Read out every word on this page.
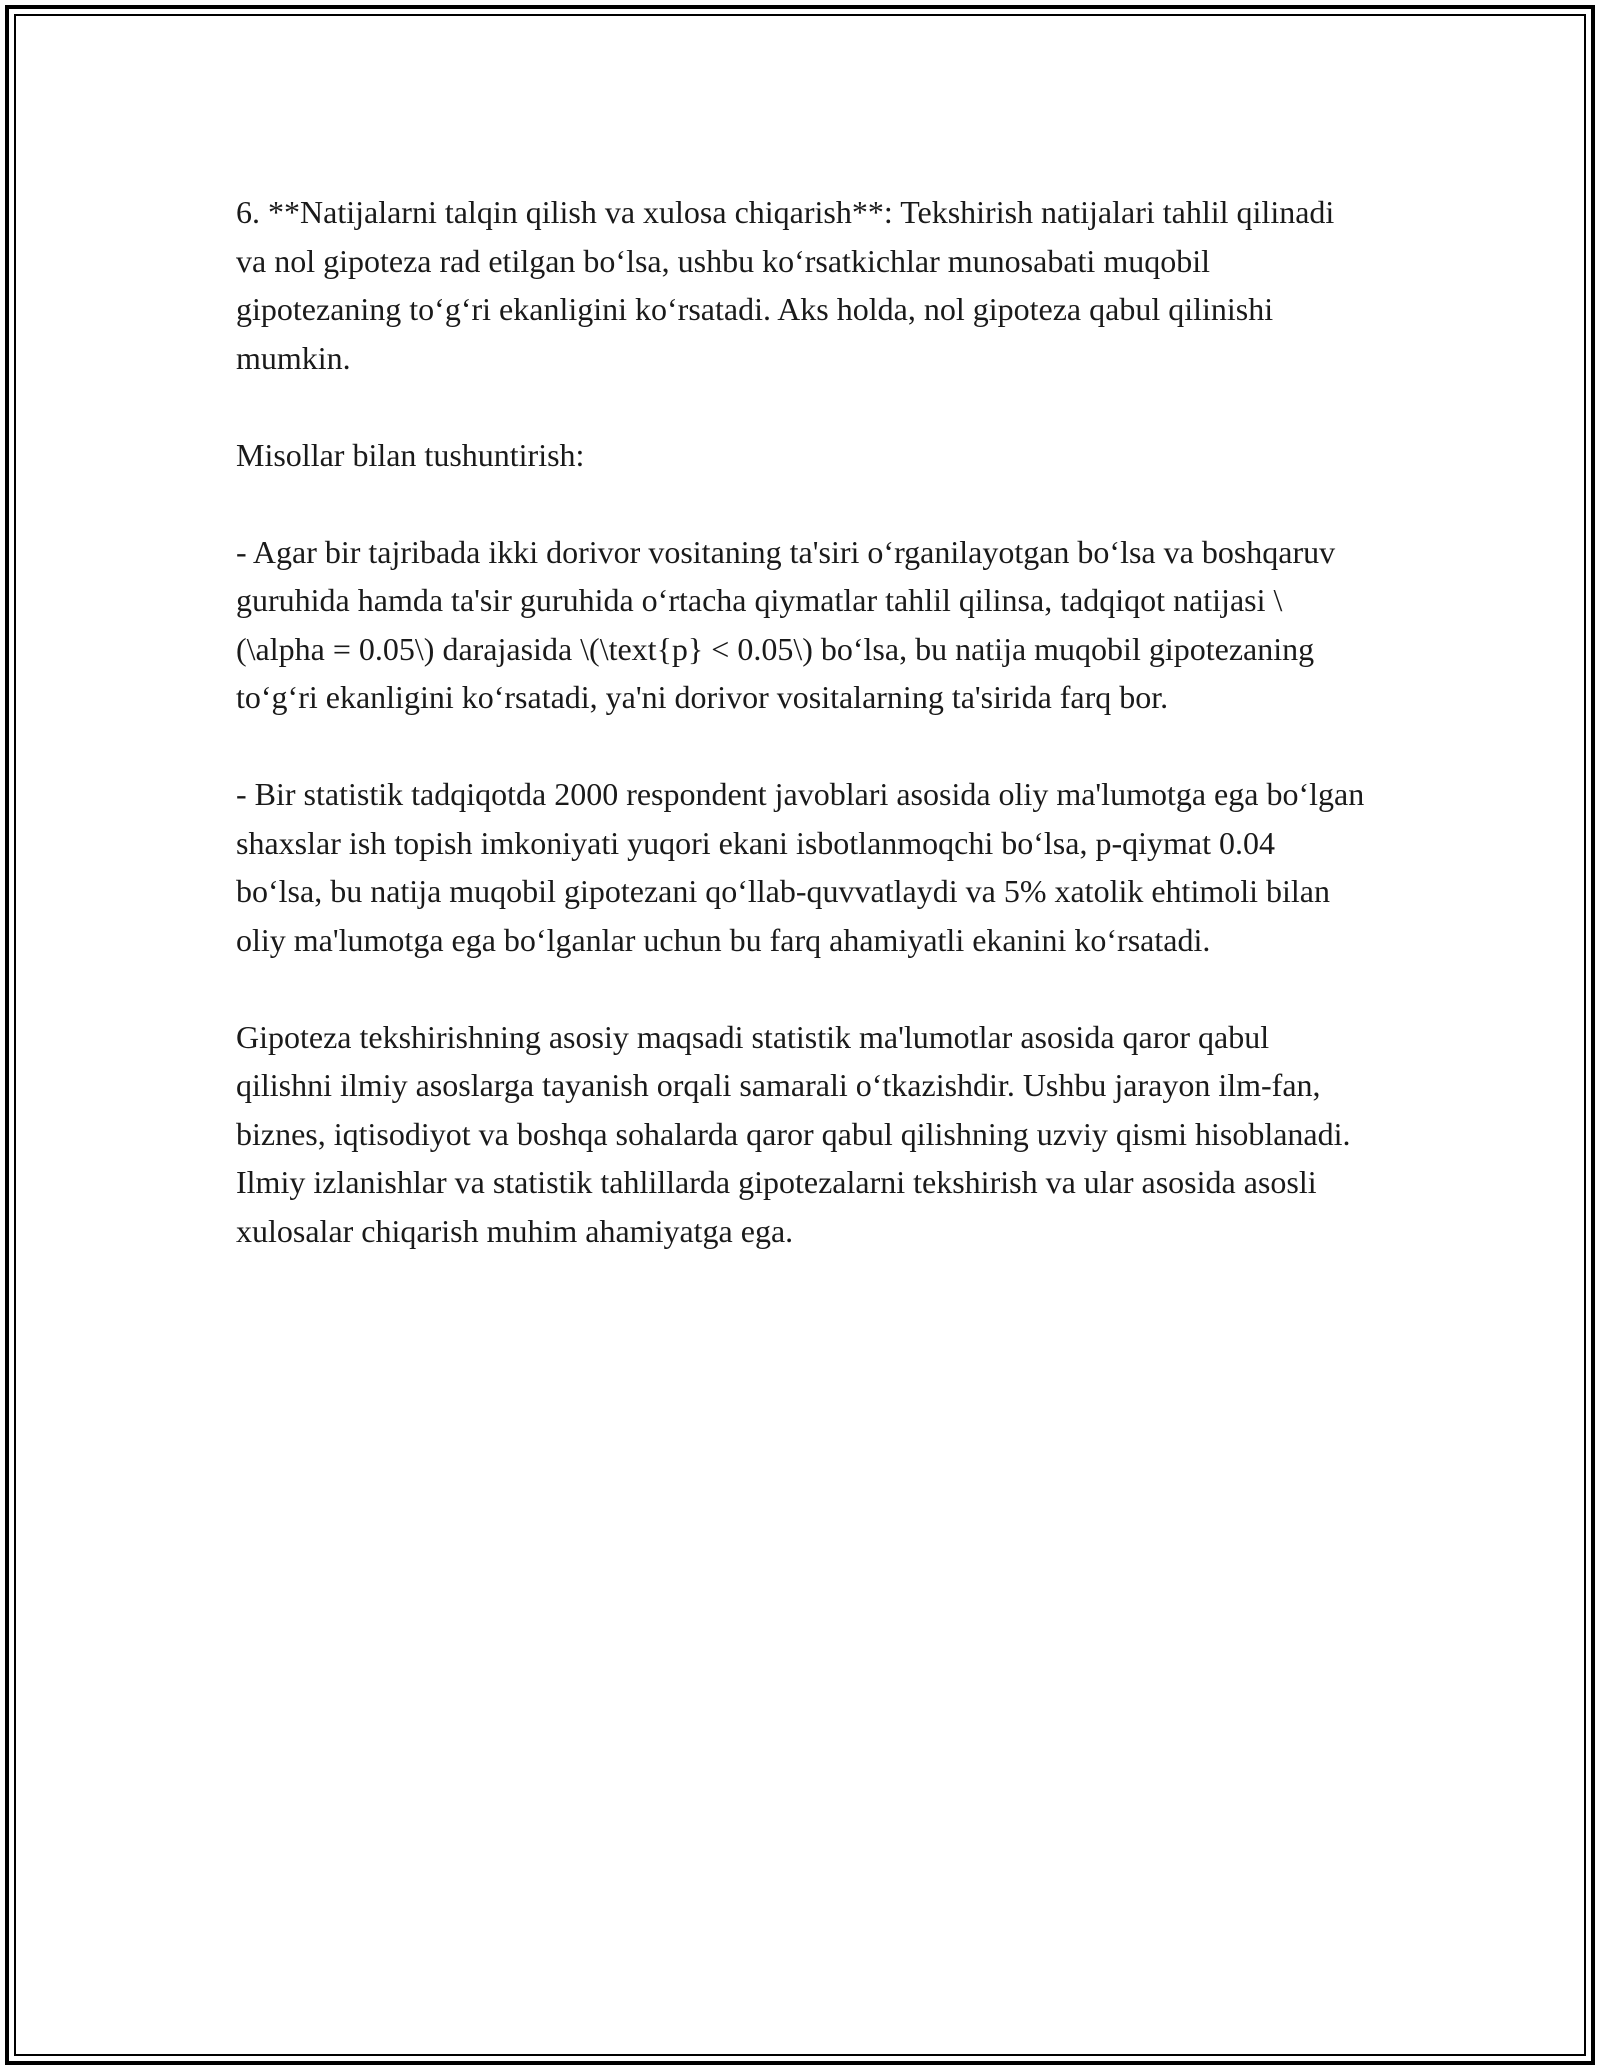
6. **Natijalarni talqin qilish va xulosa chiqarish**: Tekshirish natijalari tahlil qilinadi va nol gipoteza rad etilgan bo‘lsa, ushbu ko‘rsatkichlar munosabati muqobil gipotezaning to‘g‘ri ekanligini ko‘rsatadi. Aks holda, nol gipoteza qabul qilinishi mumkin.

Misollar bilan tushuntirish:

- Agar bir tajribada ikki dorivor vositaning ta'siri o‘rganilayotgan bo‘lsa va boshqaruv guruhida hamda ta'sir guruhida o‘rtacha qiymatlar tahlil qilinsa, tadqiqot natijasi \(\alpha = 0.05\) darajasida \(\text{p} < 0.05\) bo‘lsa, bu natija muqobil gipotezaning to‘g‘ri ekanligini ko‘rsatadi, ya'ni dorivor vositalarning ta'sirida farq bor.

- Bir statistik tadqiqotda 2000 respondent javoblari asosida oliy ma'lumotga ega bo‘lgan shaxslar ish topish imkoniyati yuqori ekani isbotlanmoqchi bo‘lsa, p-qiymat 0.04 bo‘lsa, bu natija muqobil gipotezani qo‘llab-quvvatlaydi va 5% xatolik ehtimoli bilan oliy ma'lumotga ega bo‘lganlar uchun bu farq ahamiyatli ekanini ko‘rsatadi.

Gipoteza tekshirishning asosiy maqsadi statistik ma'lumotlar asosida qaror qabul qilishni ilmiy asoslarga tayanish orqali samarali o‘tkazishdir. Ushbu jarayon ilm-fan, biznes, iqtisodiyot va boshqa sohalarda qaror qabul qilishning uzviy qismi hisoblanadi. Ilmiy izlanishlar va statistik tahlillarda gipotezalarni tekshirish va ular asosida asosli xulosalar chiqarish muhim ahamiyatga ega.
